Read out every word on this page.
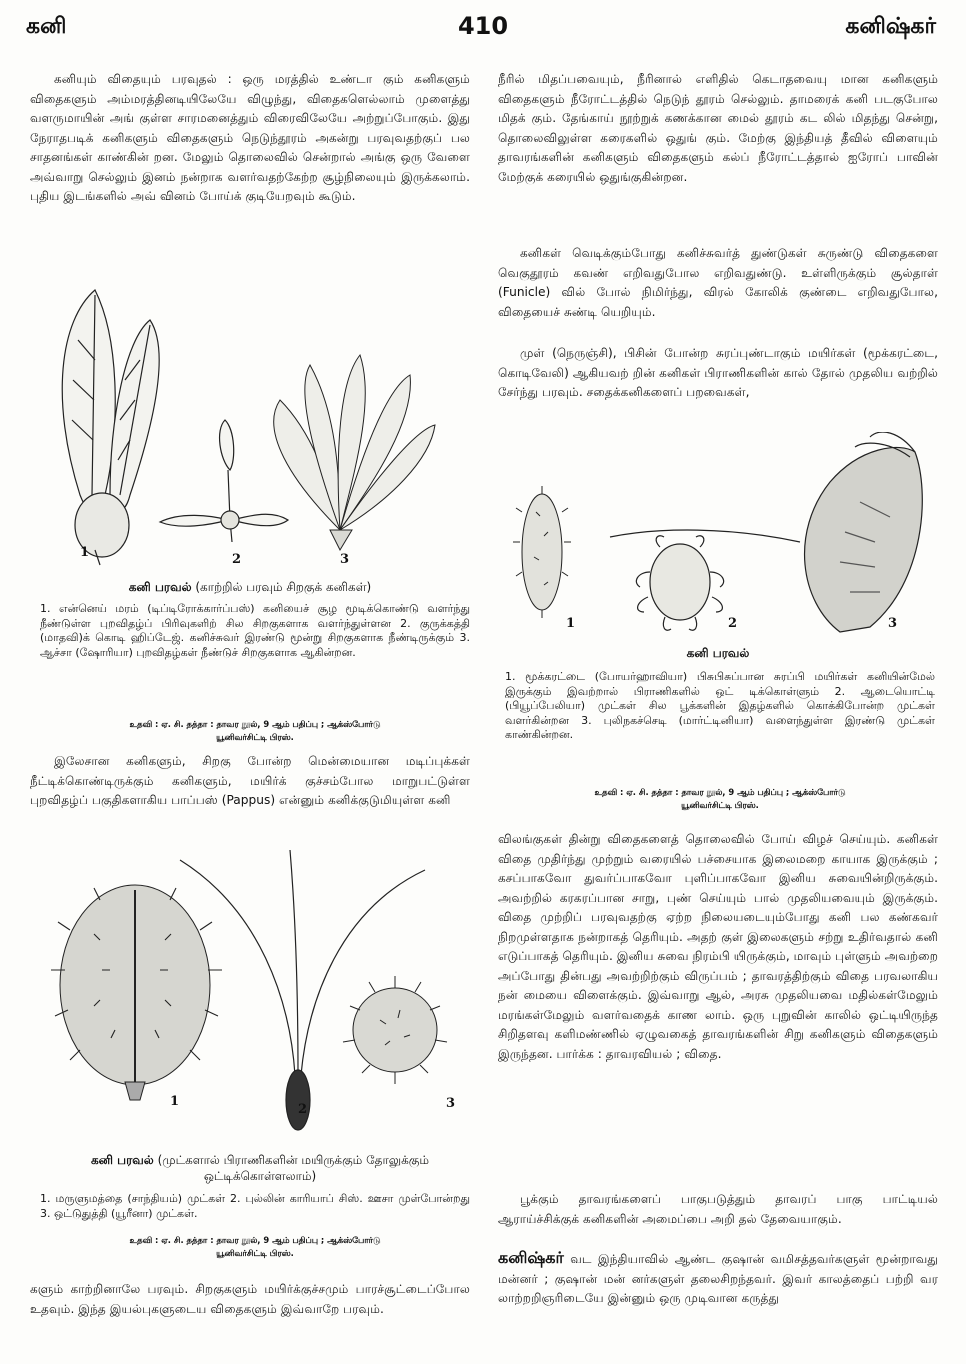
கனி	410	கனிஷ்கர்
கனியும் விதையும் பரவுதல் : ஒரு மரத்தில் உண்டா கும் கனிகளும் விதைகளும் அம்மரத்தினடியிலேயே விழுந்து, விதைகளெல்லாம் முளைத்து வளருமாயின் அங் குள்ள சாரமனைத்தும் விரைவிலேயே அற்றுப்போகும். இது நேராதபடிக் கனிகளும் விதைகளும் நெடுந்தூரம் அகன்று பரவுவதற்குப் பல சாதனங்கள் காண்கின் றன. மேலும் தொலைவில் சென்றால் அங்கு ஒரு வேளை அவ்வாறு செல்லும் இனம் நன்றாக வளர்வதற்கேற்ற சூழ்நிலையும் இருக்கலாம். புதிய இடங்களில் அவ் வினம் போய்க் குடியேறவும் கூடும்.
1	2	3
கனி பரவல் (காற்றில் பரவும் சிறகுக் கனிகள்)
1. என்னெய் மரம் (டிப்டிரோக்கார்ப்பஸ்) கனியைச் சூழ மூடிக்கொண்டு வளர்ந்து நீண்டுள்ள புறவிதழ்ப் பிரிவுகளிற் சில சிறகுகளாக வளர்ந்துள்ளன 2. குருக்கத்தி (மாதவி)க் கொடி ஹிப்டேஜ். கனிச்சுவர் இரண்டு மூன்று சிறகுகளாக நீண்டிருக்கும் 3. ஆச்சா (ஷோரியா) புறவிதழ்கள் நீண்டுச் சிறகுகளாக ஆகின்றன.
உதவி : ஏ. சி. தத்தா : தாவர நூல், 9 ஆம் பதிப்பு ; ஆக்ஸ்போர்டு
யூனிவர்சிட்டி பிரஸ்.
இலேசான கனிகளும், சிறகு போன்ற மென்மையான மடிப்புக்கள் நீட்டிக்கொண்டிருக்கும் கனிகளும், மயிர்க் குச்சம்போல மாறுபட்டுள்ள புறவிதழ்ப் பகுதிகளாகிய பாப்பஸ் (Pappus) என்னும் கனிக்குடுமியுள்ள கனி
1
2	3
கனி பரவல் (முட்களால் பிராணிகளின் மயிருக்கும் தோலுக்கும் ஒட்டிக்கொள்ளலாம்)
1. மருளுமத்தை (சாந்தியம்) முட்கள் 2. புல்லின் காரியாப் சிஸ். ஊசா முள்போன்றது 3. ஒட்டுதுத்தி (யூரீனா) முட்கள்.
உதவி : ஏ. சி. தத்தா : தாவர நூல், 9 ஆம் பதிப்பு ; ஆக்ஸ்போர்டு
யூனிவர்சிட்டி பிரஸ்.
களும் காற்றினாலே பரவும். சிறகுகளும் மயிர்க்குச்சமும் பாரச்சூட்டைப்போல உதவும். இந்த இயல்புகளுடைய விதைகளும் இவ்வாறே பரவும்.
நீரில் மிதப்பவையும், நீரினால் எளிதில் கெடாதவையு மான கனிகளும் விதைகளும் நீரோட்டத்தில் நெடுந் தூரம் செல்லும். தாமரைக் கனி படகுபோல மிதக் கும். தேங்காய் நூற்றுக் கணக்கான மைல் தூரம் கட லில் மிதந்து சென்று, தொலைவிலுள்ள கரைகளில் ஒதுங் கும். மேற்கு இந்தியத் தீவில் விளையும் தாவரங்களின் கனிகளும் விதைகளும் கல்ப் நீரோட்டத்தால் ஐரோப் பாவின் மேற்குக் கரையில் ஒதுங்குகின்றன.
கனிகள் வெடிக்கும்போது கனிச்சுவர்த் துண்டுகள் சுருண்டு விதைகளை வெகுதூரம் கவண் எறிவதுபோல எறிவதுண்டு. உள்ளிருக்கும் சூல்தாள் (Funicle) வில் போல் நிமிர்ந்து, விரல் கோலிக் குண்டை எறிவதுபோல, விதையைச் சுண்டி யெறியும்.
முள் (நெருஞ்சி), பிசின் போன்ற சுரப்புண்டாகும் மயிர்கள் (மூக்கரட்டை, கொடிவேலி) ஆகியவற் றின் கனிகள் பிராணிகளின் கால் தோல் முதலிய வற்றில் சேர்ந்து பரவும். சதைக்கனிகளைப் பறவைகள்,
1	2	3
கனி பரவல்
1. மூக்கரட்டை (போயர்ஹாவியா) பிசுபிசுப்பான சுரப்பி மயிர்கள் கனியின்மேல் இருக்கும் இவற்றால் பிராணிகளில் ஒட் டிக்கொள்ளும் 2. ஆடையொட்டி (பியூப்பேலியா) முட்கள் சில பூக்களின் இதழ்களில் கொக்கிபோன்ற முட்கள் வளர்கின்றன 3. புலிநகச்செடி (மார்ட்டினியா) வளைந்துள்ள இரண்டு முட்கள் காண்கின்றன.
உதவி : ஏ. சி. தத்தா : தாவர நூல், 9 ஆம் பதிப்பு ; ஆக்ஸ்போர்டு
யூனிவர்சிட்டி பிரஸ்.
விலங்குகள் தின்று விதைகளைத் தொலைவில் போய் விழச் செய்யும். கனிகள் விதை முதிர்ந்து முற்றும் வரையில் பச்சையாக இலைமறை காயாக இருக்கும் ; கசப்பாகவோ துவர்ப்பாகவோ புளிப்பாகவோ இனிய சுவையின்றிருக்கும். அவற்றில் கரகரப்பான சாறு, புண் செய்யும் பால் முதலியவையும் இருக்கும். விதை முற்றிப் பரவுவதற்கு ஏற்ற நிலையடையும்போது கனி பல கண்கவர் நிறமுள்ளதாக நன்றாகத் தெரியும். அதற் குள் இலைகளும் சற்று உதிர்வதால் கனி எடுப்பாகத் தெரியும். இனிய சுவை நிரம்பி யிருக்கும், மாவும் புள்ளும் அவற்றை அப்போது தின்பது அவற்றிற்கும் விருப்பம் ; தாவரத்திற்கும் விதை பரவலாகிய நன் மையை விளைக்கும். இவ்வாறு ஆல், அரசு முதலியவை மதில்கள்மேலும் மரங்கள்மேலும் வளர்வதைக் காண லாம். ஒரு புறுவின் காலில் ஒட்டியிருந்த சிறிதளவு களிமண்ணில் ஏழுவகைத் தாவரங்களின் சிறு கனிகளும் விதைகளும் இருந்தன. பார்க்க : தாவரவியல் ; விதை.
பூக்கும் தாவரங்களைப் பாகுபடுத்தும் தாவரப் பாகு பாட்டியல் ஆராய்ச்சிக்குக் கனிகளின் அமைப்பை அறி தல் தேவையாகும்.
கனிஷ்கர் வட இந்தியாவில் ஆண்ட குஷான் வமிசத்தவர்களுள் மூன்றாவது மன்னர் ; குஷான் மன் னர்களுள் தலைசிறந்தவர். இவர் காலத்தைப் பற்றி வர லாற்றறிஞரிடையே இன்னும் ஒரு முடிவான கருத்து
